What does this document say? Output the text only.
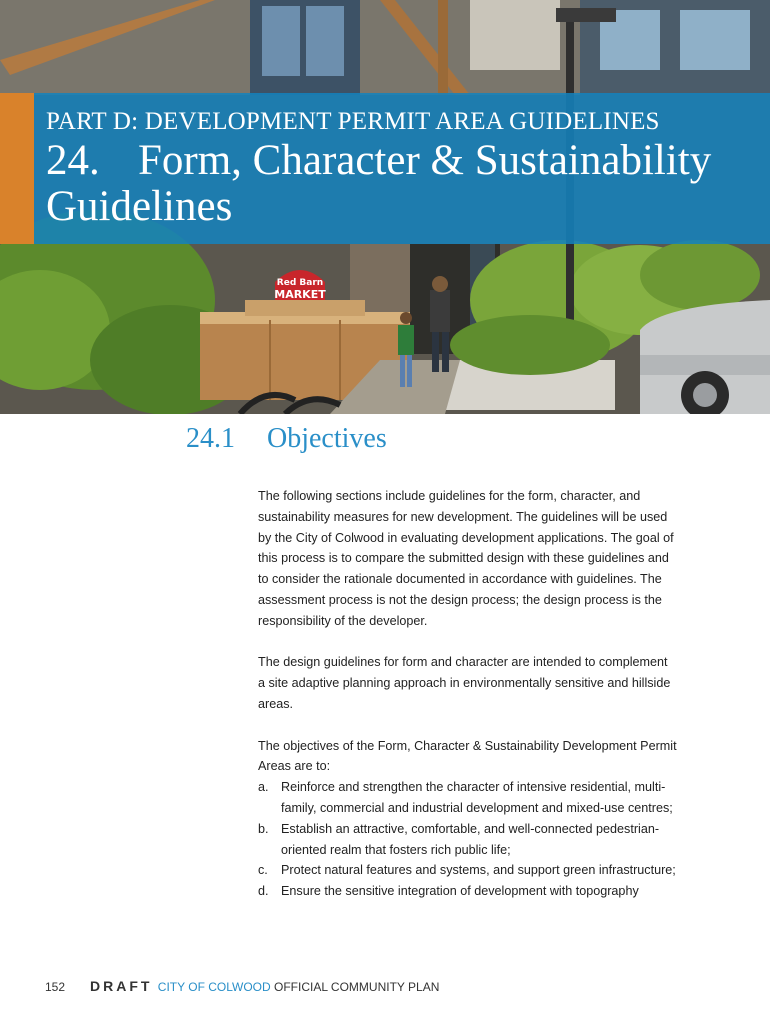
Red Barn
MARKET
PART D: DEVELOPMENT PERMIT AREA GUIDELINES
24. Form, Character & Sustainability
Guidelines
24.1 Objectives

The following sections include guidelines for the form, character, and sustainability measures for new development. The guidelines will be used by the City of Colwood in evaluating development applications. The goal of this process is to compare the submitted design with these guidelines and to consider the rationale documented in accordance with guidelines. The assessment process is not the design process; the design process is the responsibility of the developer.

The design guidelines for form and character are intended to complement a site adaptive planning approach in environmentally sensitive and hillside areas.

The objectives of the Form, Character & Sustainability Development Permit Areas are to:

a. Reinforce and strengthen the character of intensive residential, multi-family, commercial and industrial development and mixed-use centres;
b. Establish an attractive, comfortable, and well-connected pedestrian-oriented realm that fosters rich public life;
c. Protect natural features and systems, and support green infrastructure;
d. Ensure the sensitive integration of development with topography
152 DRAFT CITY OF COLWOOD OFFICIAL COMMUNITY PLAN
